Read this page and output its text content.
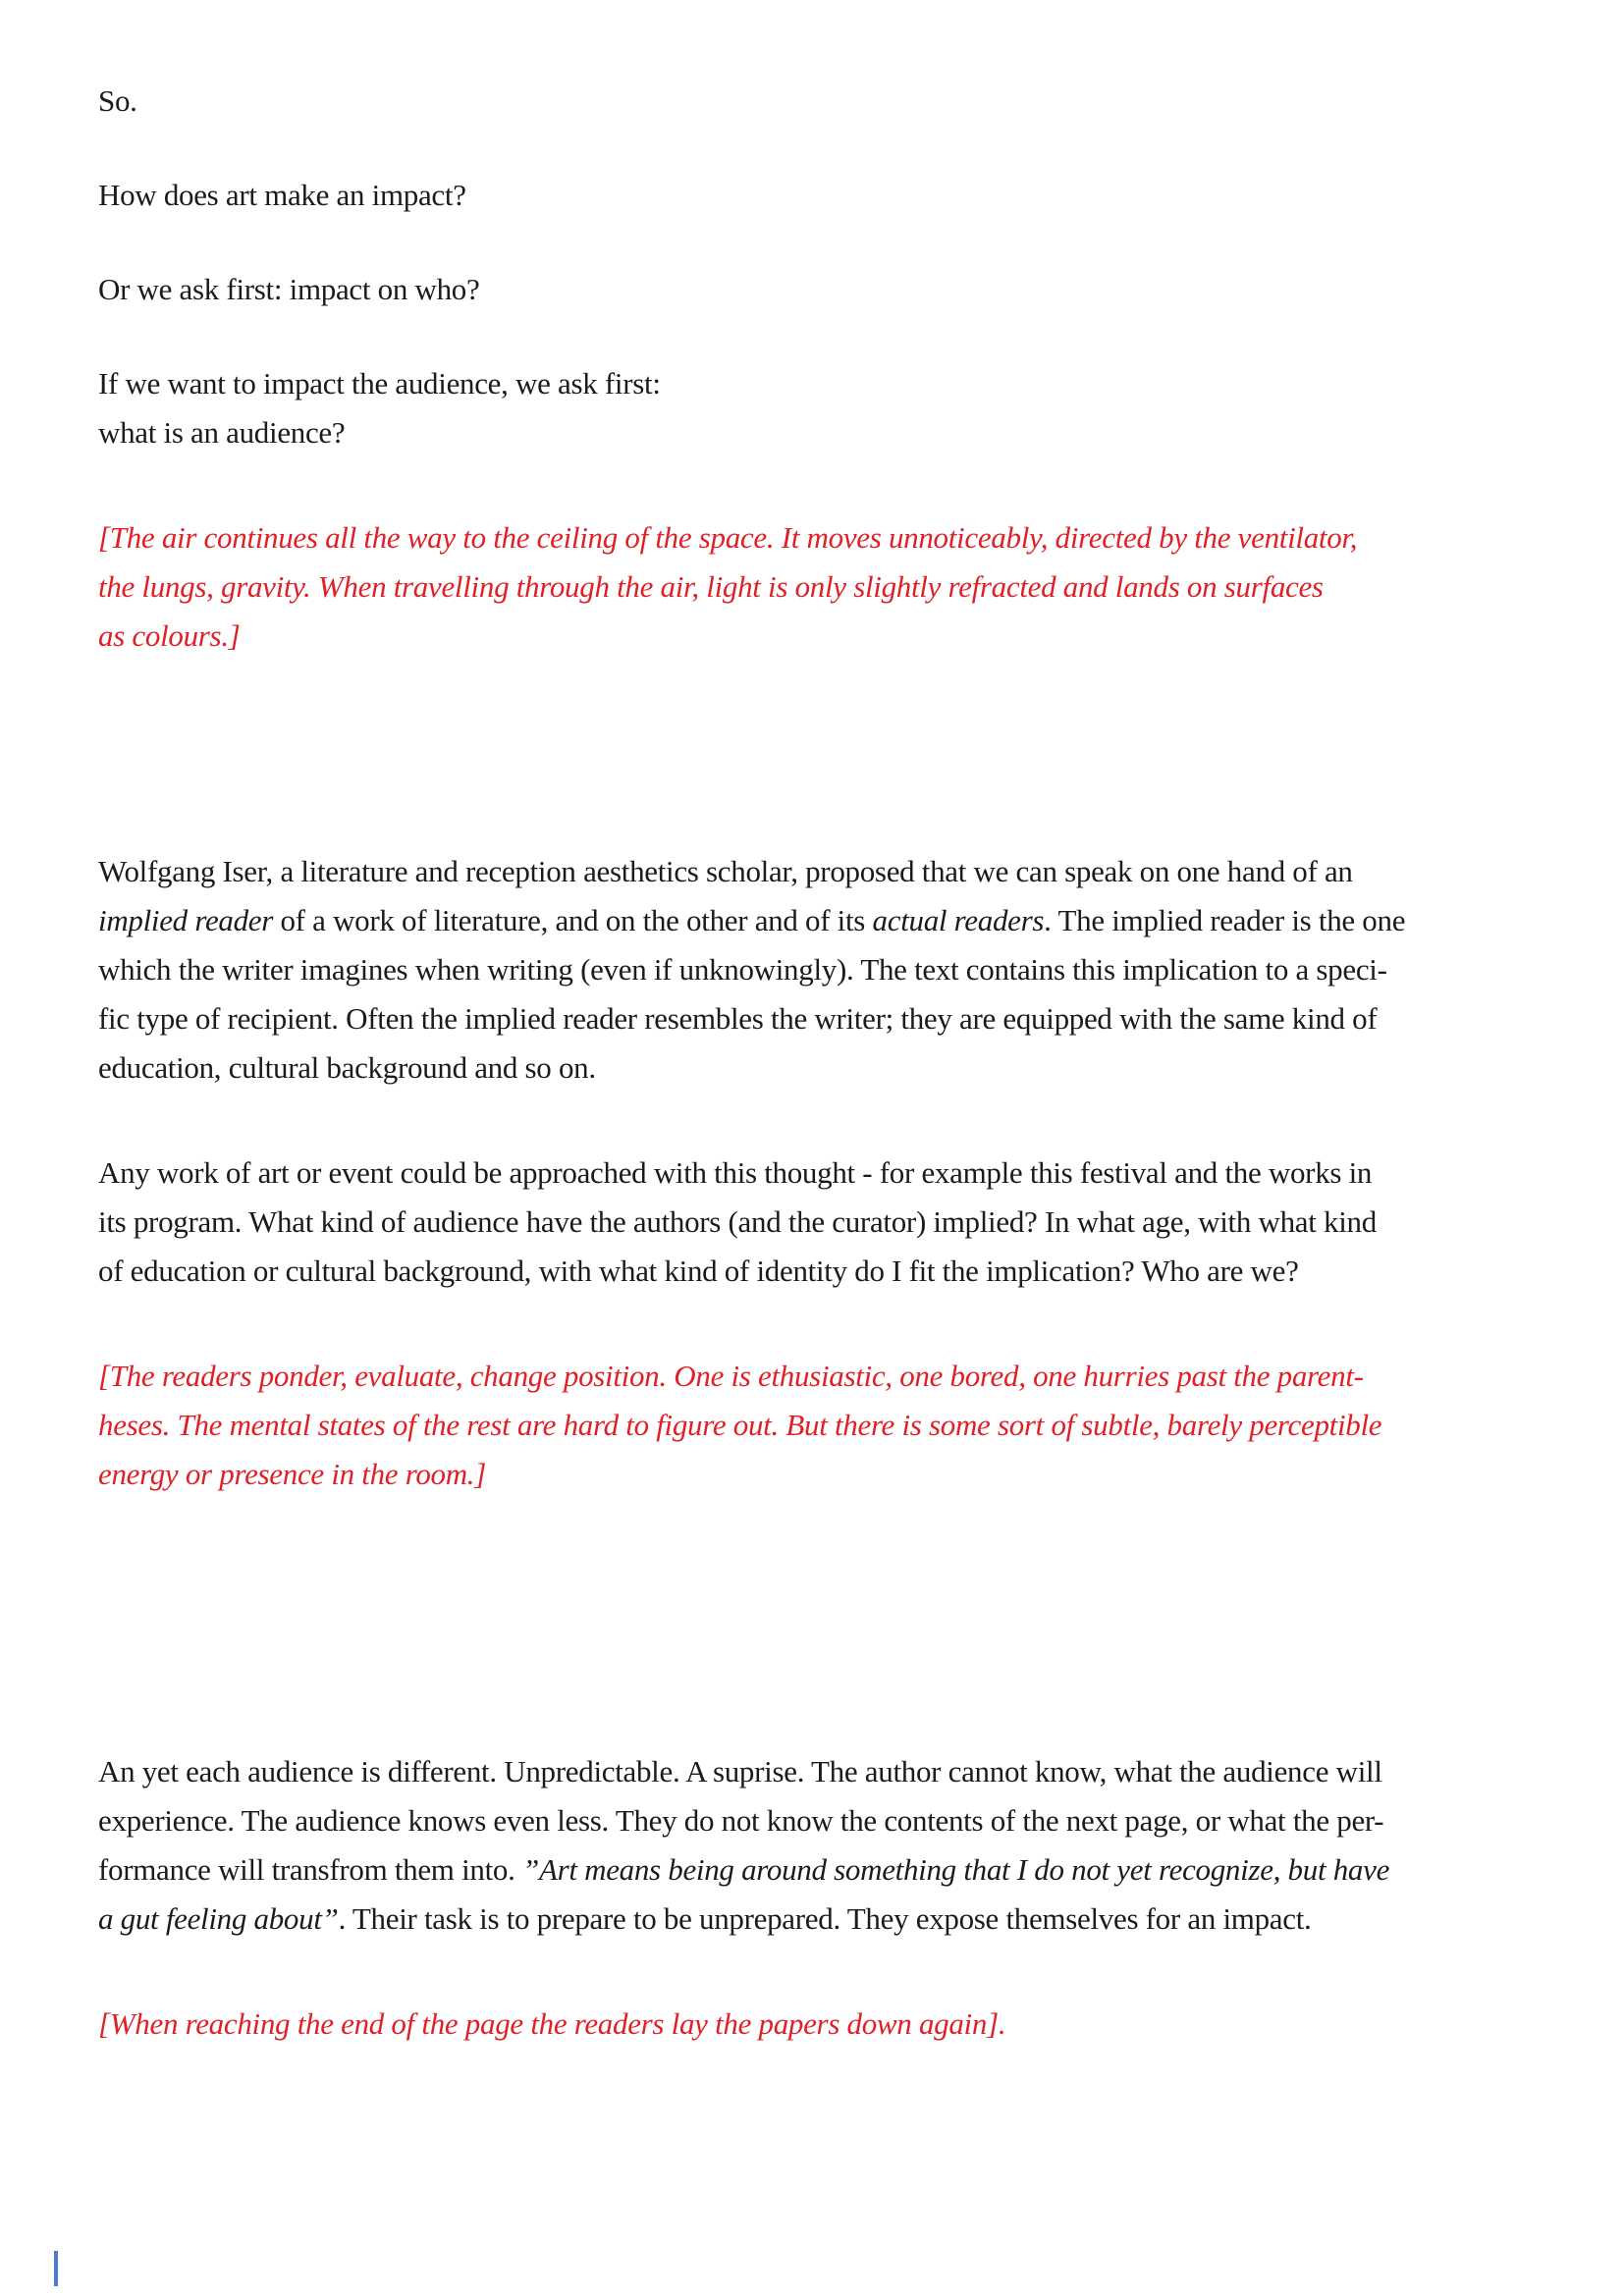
So.

How does art make an impact?

Or we ask first: impact on who?

If we want to impact the audience, we ask first:
what is an audience?

[The air continues all the way to the ceiling of the space. It moves unnoticeably, directed by the ventilator,
the lungs, gravity. When travelling through the air, light is only slightly refracted and lands on surfaces
as colours.]

Wolfgang Iser, a literature and reception aesthetics scholar, proposed that we can speak on one hand of an
implied reader of a work of literature, and on the other and of its actual readers. The implied reader is the one
which the writer imagines when writing (even if unknowingly). The text contains this implication to a speci-
fic type of recipient. Often the implied reader resembles the writer; they are equipped with the same kind of
education, cultural background and so on.

Any work of art or event could be approached with this thought - for example this festival and the works in
its program. What kind of audience have the authors (and the curator) implied? In what age, with what kind
of education or cultural background, with what kind of identity do I fit the implication? Who are we?

[The readers ponder, evaluate, change position. One is ethusiastic, one bored, one hurries past the parent-
heses. The mental states of the rest are hard to figure out. But there is some sort of subtle, barely perceptible
energy or presence in the room.]

An yet each audience is different. Unpredictable. A suprise. The author cannot know, what the audience will
experience. The audience knows even less. They do not know the contents of the next page, or what the per-
formance will transfrom them into. ”Art means being around something that I do not yet recognize, but have
a gut feeling about”. Their task is to prepare to be unprepared. They expose themselves for an impact.

[When reaching the end of the page the readers lay the papers down again].
